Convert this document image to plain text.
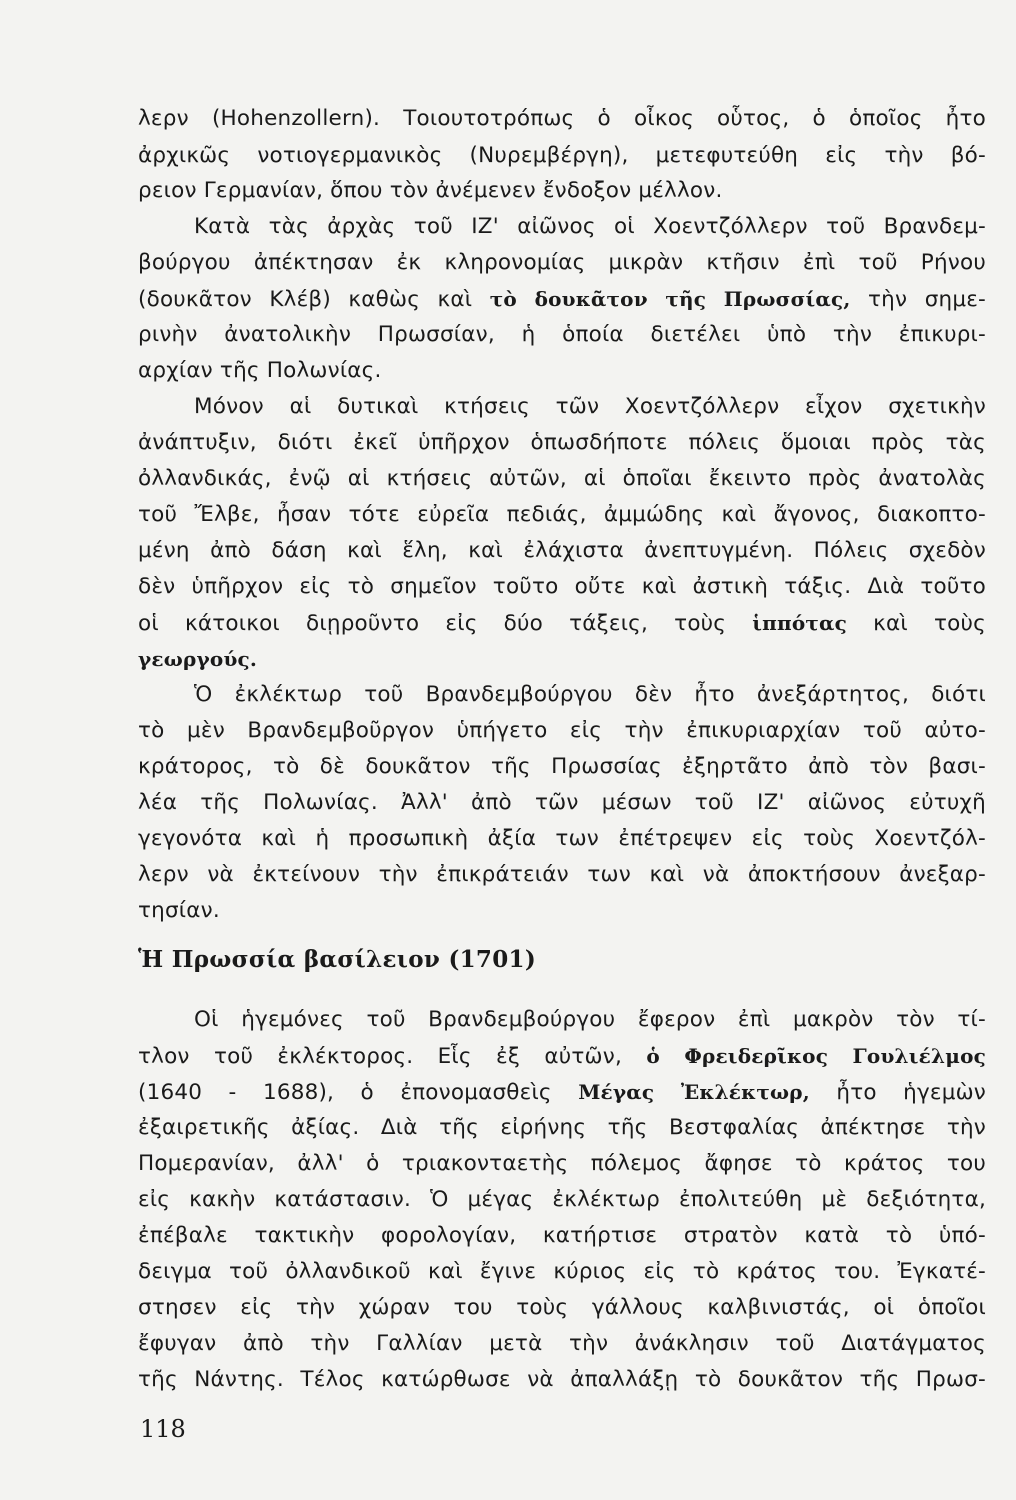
λερν (Hohenzollern). Τοιουτοτρόπως ὁ οἶκος οὗτος, ὁ ὁποῖος ἦτο
ἀρχικῶς νοτιογερμανικὸς (Νυρεμβέργη), μετεφυτεύθη εἰς τὴν βό-
ρειον Γερμανίαν, ὅπου τὸν ἀνέμενεν ἔνδοξον μέλλον.
Κατὰ τὰς ἀρχὰς τοῦ ΙΖ' αἰῶνος οἱ Χοεντζόλλερν τοῦ Βρανδεμ-
βούργου ἀπέκτησαν ἐκ κληρονομίας μικρὰν κτῆσιν ἐπὶ τοῦ Ρήνου
(δουκᾶτον Κλέβ) καθὼς καὶ τὸ δουκᾶτον τῆς Πρωσσίας, τὴν σημε-
ρινὴν ἀνατολικὴν Πρωσσίαν, ἡ ὁποία διετέλει ὑπὸ τὴν ἐπικυρι-
αρχίαν τῆς Πολωνίας.
Μόνον αἱ δυτικαὶ κτήσεις τῶν Χοεντζόλλερν εἶχον σχετικὴν
ἀνάπτυξιν, διότι ἐκεῖ ὑπῆρχον ὁπωσδήποτε πόλεις ὅμοιαι πρὸς τὰς
ὀλλανδικάς, ἐνῷ αἱ κτήσεις αὐτῶν, αἱ ὁποῖαι ἔκειντο πρὸς ἀνατολὰς
τοῦ Ἔλβε, ἦσαν τότε εὐρεῖα πεδιάς, ἀμμώδης καὶ ἄγονος, διακοπτο-
μένη ἀπὸ δάση καὶ ἕλη, καὶ ἐλάχιστα ἀνεπτυγμένη. Πόλεις σχεδὸν
δὲν ὑπῆρχον εἰς τὸ σημεῖον τοῦτο οὔτε καὶ ἀστικὴ τάξις. Διὰ τοῦτο
οἱ κάτοικοι διῃροῦντο εἰς δύο τάξεις, τοὺς ἱππότας καὶ τοὺς
γεωργούς.
Ὁ ἐκλέκτωρ τοῦ Βρανδεμβούργου δὲν ἦτο ἀνεξάρτητος, διότι
τὸ μὲν Βρανδεμβοῦργον ὑπήγετο εἰς τὴν ἐπικυριαρχίαν τοῦ αὐτο-
κράτορος, τὸ δὲ δουκᾶτον τῆς Πρωσσίας ἐξηρτᾶτο ἀπὸ τὸν βασι-
λέα τῆς Πολωνίας. Ἀλλ' ἀπὸ τῶν μέσων τοῦ ΙΖ' αἰῶνος εὐτυχῆ
γεγονότα καὶ ἡ προσωπικὴ ἀξία των ἐπέτρεψεν εἰς τοὺς Χοεντζόλ-
λερν νὰ ἐκτείνουν τὴν ἐπικράτειάν των καὶ νὰ ἀποκτήσουν ἀνεξαρ-
τησίαν.
Ἡ Πρωσσία βασίλειον (1701)
Οἱ ἡγεμόνες τοῦ Βρανδεμβούργου ἔφερον ἐπὶ μακρὸν τὸν τί-
τλον τοῦ ἐκλέκτορος. Εἷς ἐξ αὐτῶν, ὁ Φρειδερῖκος Γουλιέλμος
(1640 - 1688), ὁ ἐπονομασθεὶς Μέγας Ἐκλέκτωρ, ἦτο ἡγεμὼν
ἐξαιρετικῆς ἀξίας. Διὰ τῆς εἰρήνης τῆς Βεστφαλίας ἀπέκτησε τὴν
Πομερανίαν, ἀλλ' ὁ τριακονταετὴς πόλεμος ἄφησε τὸ κράτος του
εἰς κακὴν κατάστασιν. Ὁ μέγας ἐκλέκτωρ ἐπολιτεύθη μὲ δεξιότητα,
ἐπέβαλε τακτικὴν φορολογίαν, κατήρτισε στρατὸν κατὰ τὸ ὑπό-
δειγμα τοῦ ὀλλανδικοῦ καὶ ἔγινε κύριος εἰς τὸ κράτος του. Ἐγκατέ-
στησεν εἰς τὴν χώραν του τοὺς γάλλους καλβινιστάς, οἱ ὁποῖοι
ἔφυγαν ἀπὸ τὴν Γαλλίαν μετὰ τὴν ἀνάκλησιν τοῦ Διατάγματος
τῆς Νάντης. Τέλος κατώρθωσε νὰ ἀπαλλάξῃ τὸ δουκᾶτον τῆς Πρωσ-
118
